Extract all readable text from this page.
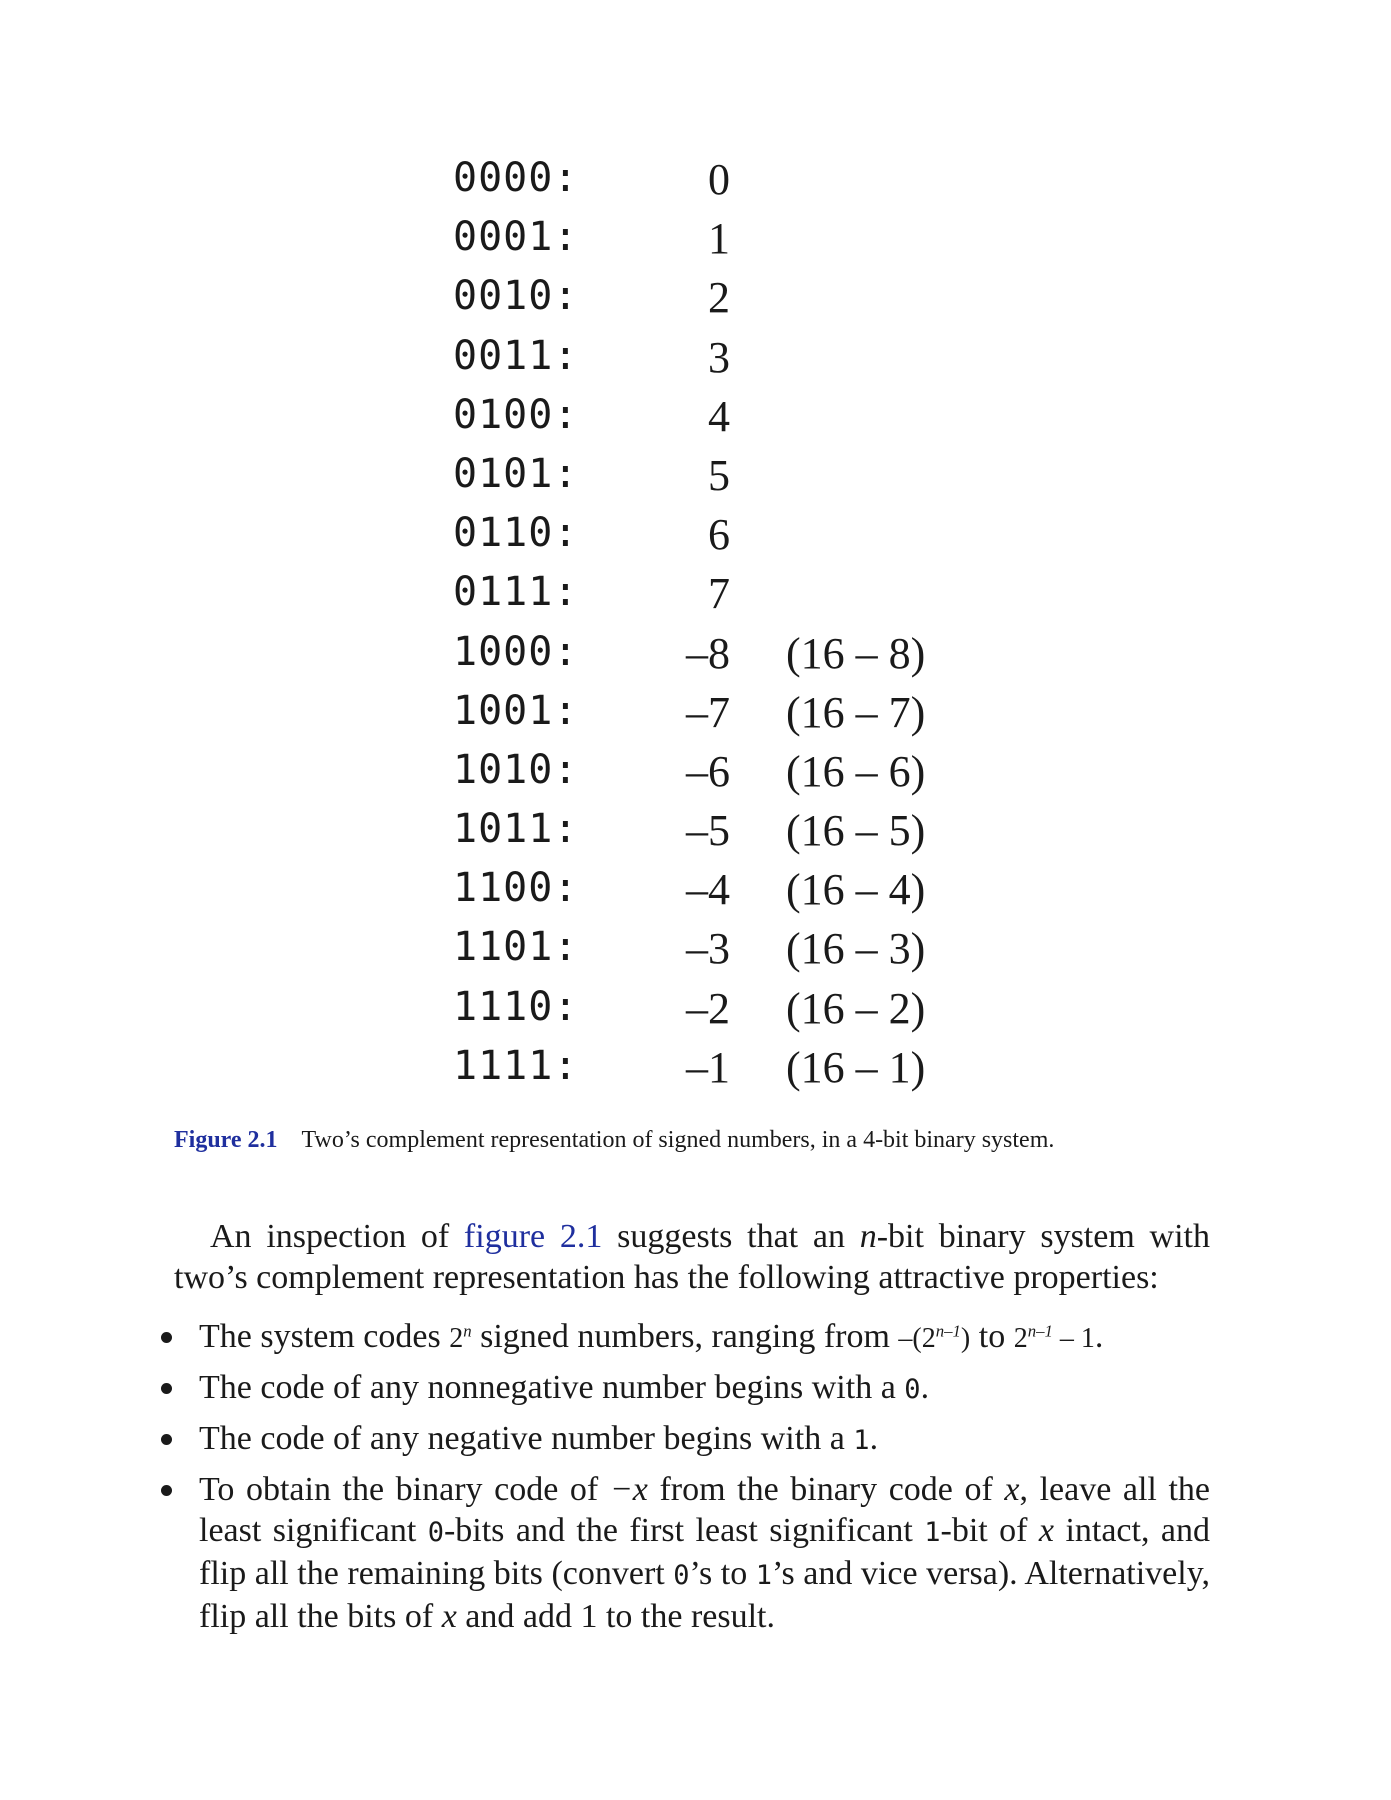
0000:	0
0001:	1
0010:	2
0011:	3
0100:	4
0101:	5
0110:	6
0111:	7
1000:	–8 (16 – 8)
1001:	–7 (16 – 7)
1010:	–6 (16 – 6)
1011:	–5 (16 – 5)
1100:	–4 (16 – 4)
1101:	–3 (16 – 3)
1110:	–2 (16 – 2)
1111:	–1 (16 – 1)
Figure 2.1 Two’s complement representation of signed numbers, in a 4-bit binary system.
An inspection of figure 2.1 suggests that an n-bit binary system with two’s complement representation has the following attractive properties:
The system codes 2$^n$ signed numbers, ranging from –(2$^{n-1}$) to 2$^{n-1}$ – 1.
The code of any nonnegative number begins with a 0.
The code of any negative number begins with a 1.
To obtain the binary code of −x from the binary code of x, leave all the least significant 0-bits and the first least significant 1-bit of x intact, and flip all the remaining bits (convert 0’s to 1’s and vice versa). Alternatively, flip all the bits of x and add 1 to the result.
